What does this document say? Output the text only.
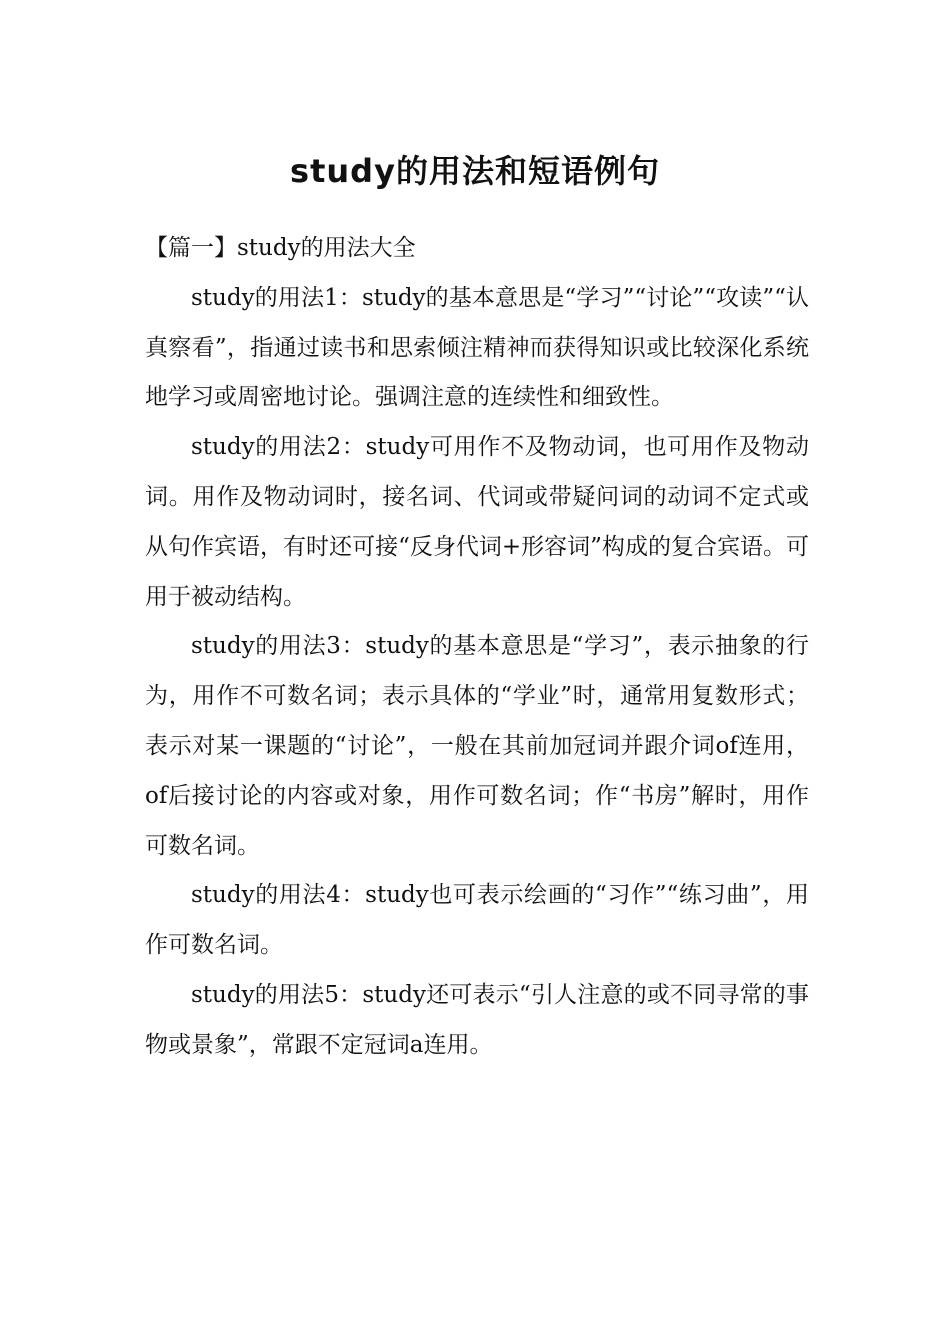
study的用法和短语例句

【篇一】study的用法大全

study的用法1：study的基本意思是“学习”“讨论”“攻读”“认真察看”，指通过读书和思索倾注精神而获得知识或比较深化系统地学习或周密地讨论。强调注意的连续性和细致性。

study的用法2：study可用作不及物动词，也可用作及物动词。用作及物动词时，接名词、代词或带疑问词的动词不定式或从句作宾语，有时还可接“反身代词+形容词”构成的复合宾语。可用于被动结构。

study的用法3：study的基本意思是“学习”，表示抽象的行为，用作不可数名词；表示具体的“学业”时，通常用复数形式；表示对某一课题的“讨论”，一般在其前加冠词并跟介词of连用，of后接讨论的内容或对象，用作可数名词；作“书房”解时，用作可数名词。

study的用法4：study也可表示绘画的“习作”“练习曲”，用作可数名词。

study的用法5：study还可表示“引人注意的或不同寻常的事物或景象”，常跟不定冠词a连用。
